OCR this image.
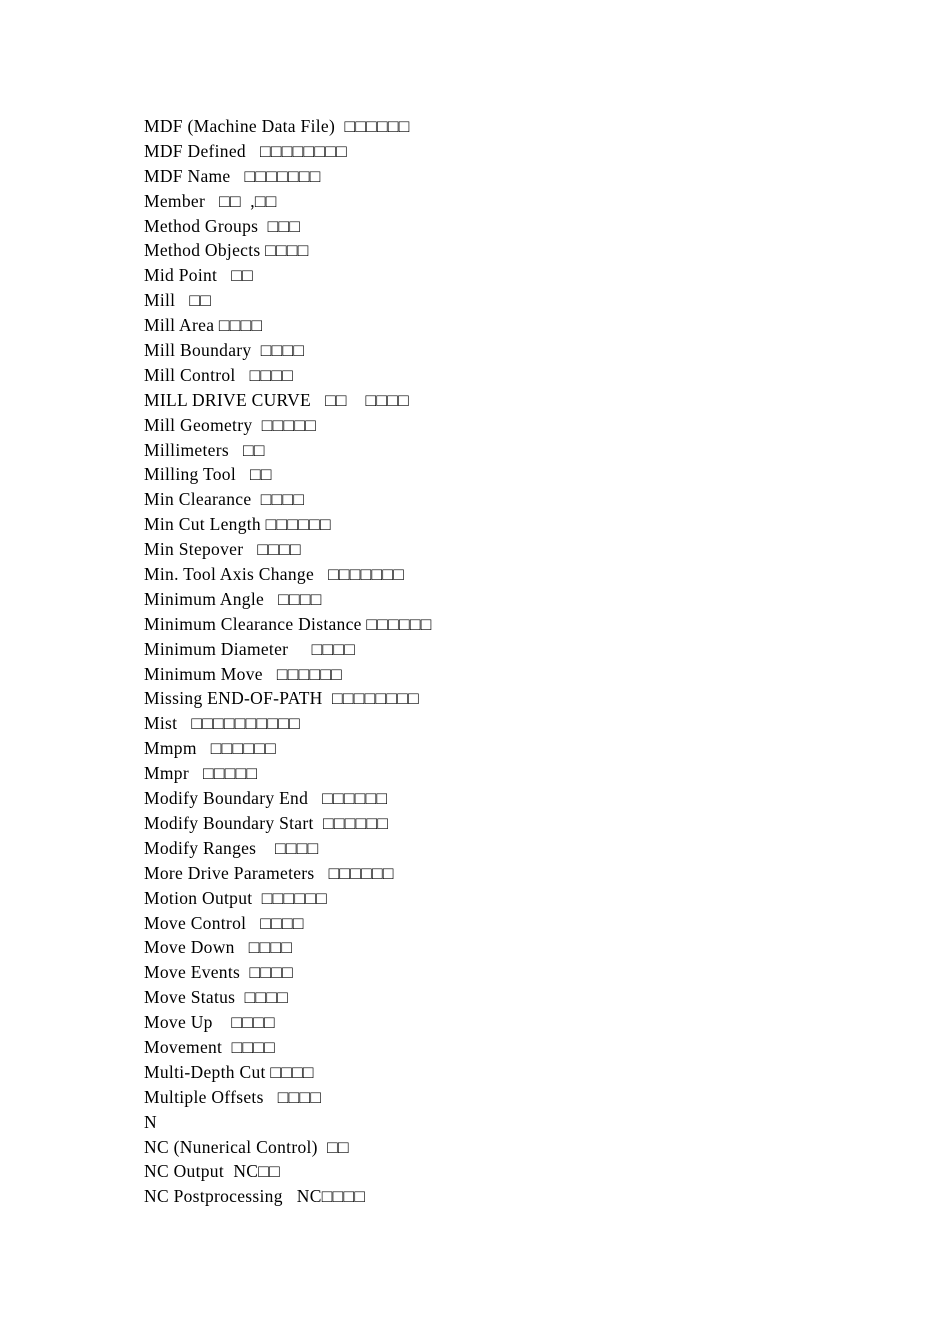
MDF (Machine Data File)  □□□□□□
MDF Defined   □□□□□□□□
MDF Name   □□□□□□□
Member   □□  ,□□
Method Groups  □□□
Method Objects □□□□
Mid Point   □□
Mill   □□
Mill Area □□□□
Mill Boundary  □□□□
Mill Control   □□□□
MILL DRIVE CURVE   □□    □□□□
Mill Geometry  □□□□□
Millimeters   □□
Milling Tool   □□
Min Clearance  □□□□
Min Cut Length □□□□□□
Min Stepover   □□□□
Min. Tool Axis Change   □□□□□□□
Minimum Angle   □□□□
Minimum Clearance Distance □□□□□□
Minimum Diameter     □□□□
Minimum Move   □□□□□□
Missing END-OF-PATH  □□□□□□□□
Mist   □□□□□□□□□□
Mmpm   □□□□□□
Mmpr   □□□□□
Modify Boundary End   □□□□□□
Modify Boundary Start  □□□□□□
Modify Ranges    □□□□
More Drive Parameters   □□□□□□
Motion Output  □□□□□□
Move Control   □□□□
Move Down   □□□□
Move Events  □□□□
Move Status  □□□□
Move Up    □□□□
Movement  □□□□
Multi-Depth Cut □□□□
Multiple Offsets   □□□□
N
NC (Nunerical Control)  □□
NC Output  NC□□
NC Postprocessing   NC□□□□
